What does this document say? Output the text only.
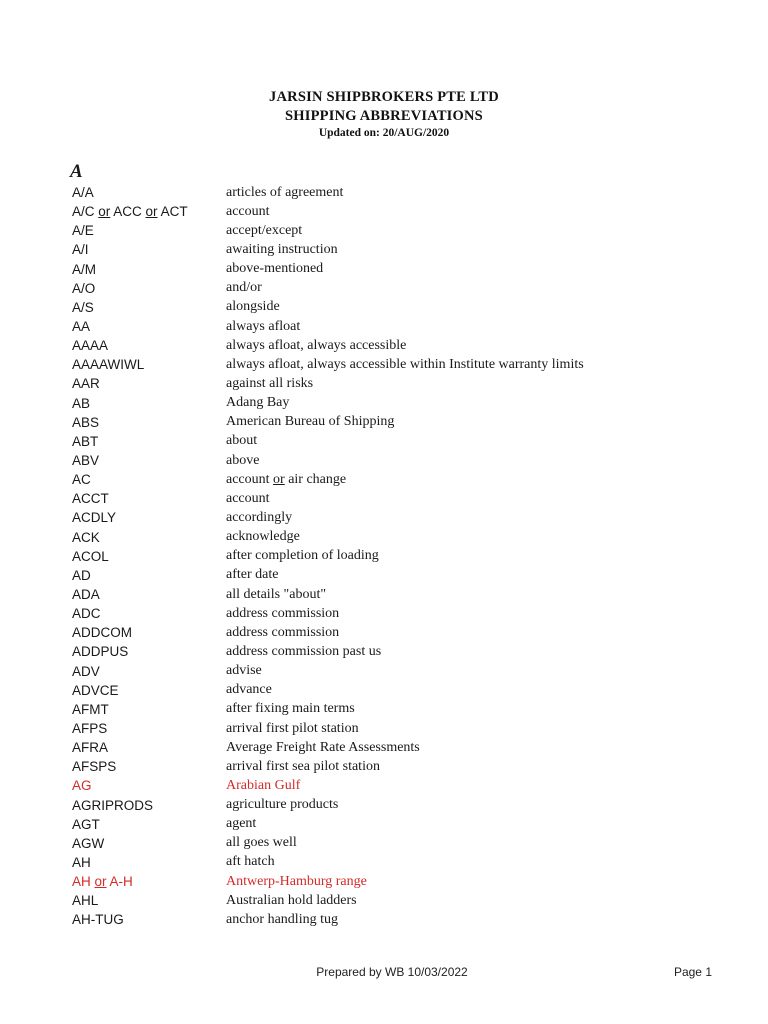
JARSIN SHIPBROKERS PTE LTD
SHIPPING ABBREVIATIONS
Updated on: 20/AUG/2020
A
A/A	articles of agreement
A/C or ACC or ACT	account
A/E	accept/except
A/I	awaiting instruction
A/M	above-mentioned
A/O	and/or
A/S	alongside
AA	always afloat
AAAA	always afloat, always accessible
AAAAWIWL	always afloat, always accessible within Institute warranty limits
AAR	against all risks
AB	Adang Bay
ABS	American Bureau of Shipping
ABT	about
ABV	above
AC	account or air change
ACCT	account
ACDLY	accordingly
ACK	acknowledge
ACOL	after completion of loading
AD	after date
ADA	all details "about"
ADC	address commission
ADDCOM	address commission
ADDPUS	address commission past us
ADV	advise
ADVCE	advance
AFMT	after fixing main terms
AFPS	arrival first pilot station
AFRA	Average Freight Rate Assessments
AFSPS	arrival first sea pilot station
AG	Arabian Gulf
AGRIPRODS	agriculture products
AGT	agent
AGW	all goes well
AH	aft hatch
AH or A-H	Antwerp-Hamburg range
AHL	Australian hold ladders
AH-TUG	anchor handling tug
Prepared by WB 10/03/2022	Page 1
